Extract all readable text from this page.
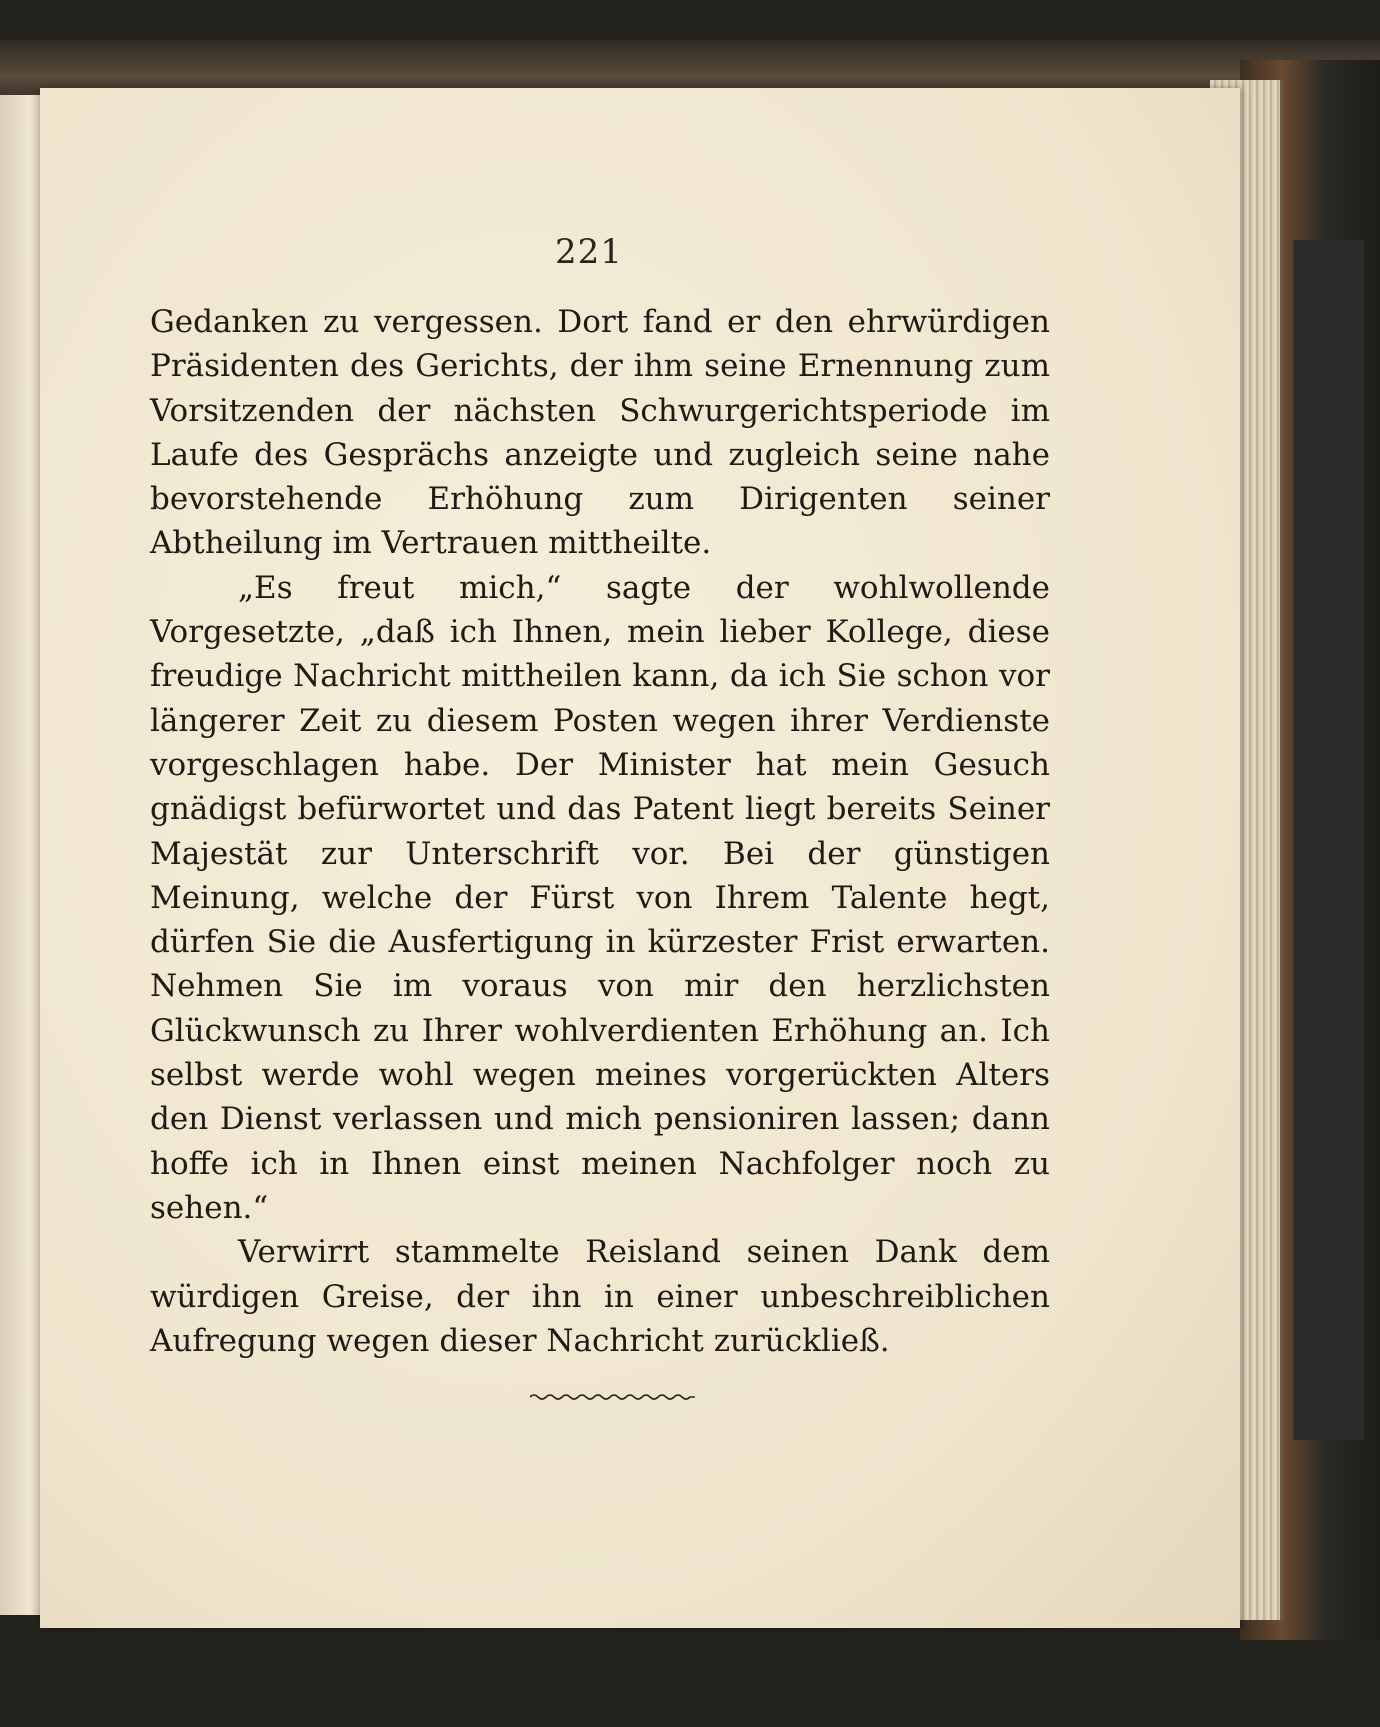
221

Gedanken zu vergessen. Dort fand er den ehrwürdigen Präsidenten des Gerichts, der ihm seine Ernennung zum Vorsitzenden der nächsten Schwurgerichtsperiode im Laufe des Gesprächs anzeigte und zugleich seine nahe bevorstehende Erhöhung zum Dirigenten seiner Abtheilung im Vertrauen mittheilte.

„Es freut mich,“ sagte der wohlwollende Vorgesetzte, „daß ich Ihnen, mein lieber Kollege, diese freudige Nachricht mittheilen kann, da ich Sie schon vor längerer Zeit zu diesem Posten wegen ihrer Verdienste vorgeschlagen habe. Der Minister hat mein Gesuch gnädigst befürwortet und das Patent liegt bereits Seiner Majestät zur Unterschrift vor. Bei der günstigen Meinung, welche der Fürst von Ihrem Talente hegt, dürfen Sie die Ausfertigung in kürzester Frist erwarten. Nehmen Sie im voraus von mir den herzlichsten Glückwunsch zu Ihrer wohlverdienten Erhöhung an. Ich selbst werde wohl wegen meines vorgerückten Alters den Dienst verlassen und mich pensioniren lassen; dann hoffe ich in Ihnen einst meinen Nachfolger noch zu sehen.“

Verwirrt stammelte Reisland seinen Dank dem würdigen Greise, der ihn in einer unbeschreiblichen Aufregung wegen dieser Nachricht zurückließ.
